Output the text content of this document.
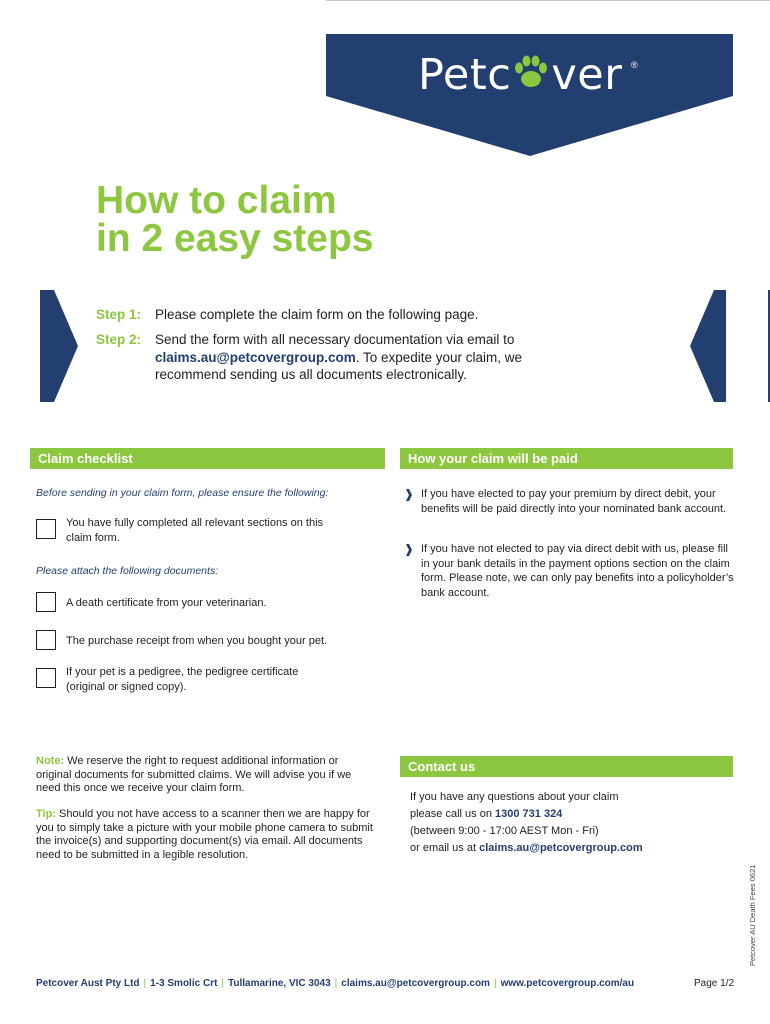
Petc ver ®
How to claim
in 2 easy steps
Step 1:	Please complete the claim form on the following page.
Step 2:	Send the form with all necessary documentation via email to claims.au@petcovergroup.com. To expedite your claim, we recommend sending us all documents electronically.
Claim checklist
Before sending in your claim form, please ensure the following:
You have fully completed all relevant sections on this claim form.
Please attach the following documents:
A death certificate from your veterinarian.
The purchase receipt from when you bought your pet.
If your pet is a pedigree, the pedigree certificate (original or signed copy).
How your claim will be paid
If you have elected to pay your premium by direct debit, your benefits will be paid directly into your nominated bank account.
If you have not elected to pay via direct debit with us, please fill in your bank details in the payment options section on the claim form. Please note, we can only pay benefits into a policyholder’s bank account.
Note: We reserve the right to request additional information or original documents for submitted claims. We will advise you if we need this once we receive your claim form.
Tip: Should you not have access to a scanner then we are happy for you to simply take a picture with your mobile phone camera to submit the invoice(s) and supporting document(s) via email. All documents need to be submitted in a legible resolution.
Contact us
If you have any questions about your claim
please call us on 1300 731 324
(between 9:00 - 17:00 AEST Mon - Fri)
or email us at claims.au@petcovergroup.com
Petcover AU Death Fees 0621
Petcover Aust Pty Ltd | 1-3 Smolic Crt | Tullamarine, VIC 3043 | claims.au@petcovergroup.com | www.petcovergroup.com/au	Page 1/2
